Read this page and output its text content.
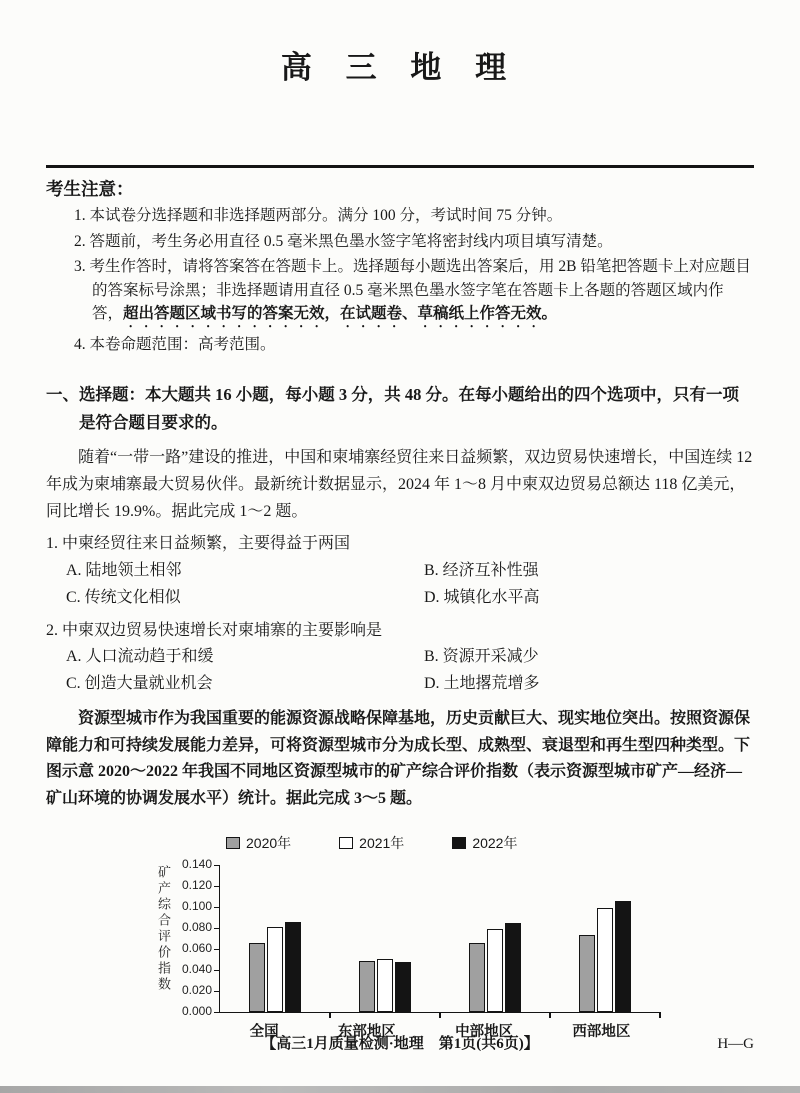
高 三 地 理
考生注意：
1. 本试卷分选择题和非选择题两部分。满分 100 分，考试时间 75 分钟。
2. 答题前，考生务必用直径 0.5 毫米黑色墨水签字笔将密封线内项目填写清楚。
3. 考生作答时，请将答案答在答题卡上。选择题每小题选出答案后，用 2B 铅笔把答题卡上对应题目的答案标号涂黑；非选择题请用直径 0.5 毫米黑色墨水签字笔在答题卡上各题的答题区域内作答，超出答题区域书写的答案无效，在试题卷、草稿纸上作答无效。
4. 本卷命题范围：高考范围。
一、选择题：本大题共 16 小题，每小题 3 分，共 48 分。在每小题给出的四个选项中，只有一项是符合题目要求的。

随着“一带一路”建设的推进，中国和柬埔寨经贸往来日益频繁，双边贸易快速增长，中国连续 12 年成为柬埔寨最大贸易伙伴。最新统计数据显示，2024 年 1～8 月中柬双边贸易总额达 118 亿美元，同比增长 19.9%。据此完成 1～2 题。

1. 中柬经贸往来日益频繁，主要得益于两国
A. 陆地领土相邻	B. 经济互补性强
C. 传统文化相似	D. 城镇化水平高
2. 中柬双边贸易快速增长对柬埔寨的主要影响是
A. 人口流动趋于和缓	B. 资源开采减少
C. 创造大量就业机会	D. 土地撂荒增多

资源型城市作为我国重要的能源资源战略保障基地，历史贡献巨大、现实地位突出。按照资源保障能力和可持续发展能力差异，可将资源型城市分为成长型、成熟型、衰退型和再生型四种类型。下图示意 2020～2022 年我国不同地区资源型城市的矿产综合评价指数（表示资源型城市矿产—经济—矿山环境的协调发展水平）统计。据此完成 3～5 题。

2020年	2021年	2022年
矿产综合评价指数
0.000
0.020
0.040
0.060
0.080
0.100
0.120
0.140
全国	东部地区	中部地区	西部地区
【高三1月质量检测·地理　第1页(共6页)】	H—G
